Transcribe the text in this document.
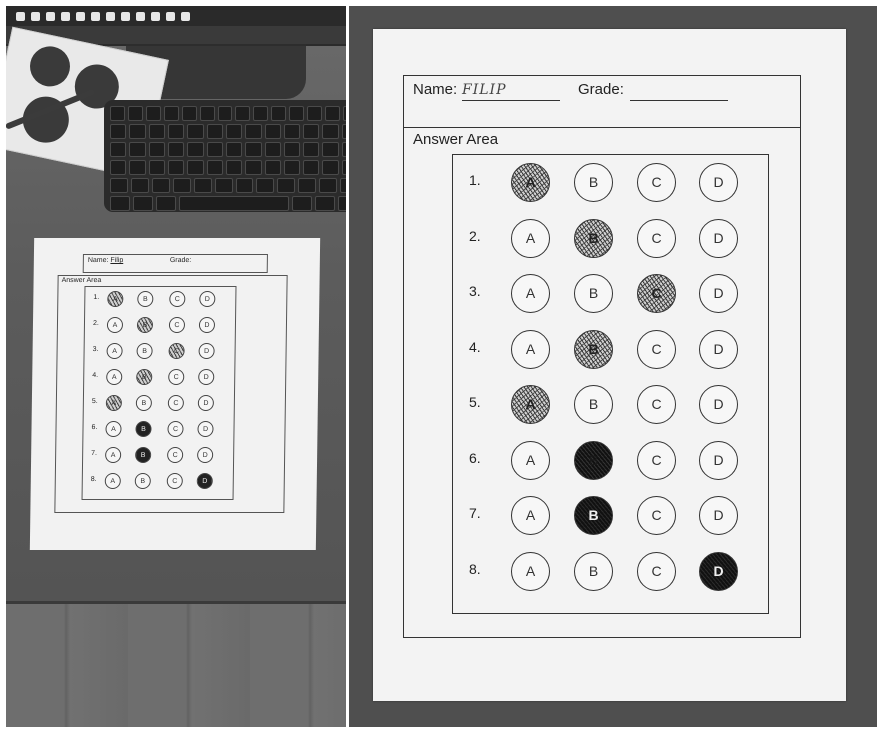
Name: Filip	Grade:
Answer Area
1.	A	B	C	D
2.	A	B	C	D
3.	A	B	C	D
4.	A	B	C	D
5.	A	B	C	D
6.	A	B	C	D
7.	A	B	C	D
8.	A	B	C	D
Name: FILIP	Grade:
Answer Area
1.	A	B	C	D
2.	A	B	C	D
3.	A	B	C	D
4.	A	B	C	D
5.	A	B	C	D
6.	A	B	C	D
7.	A	B	C	D
8.	A	B	C	D
